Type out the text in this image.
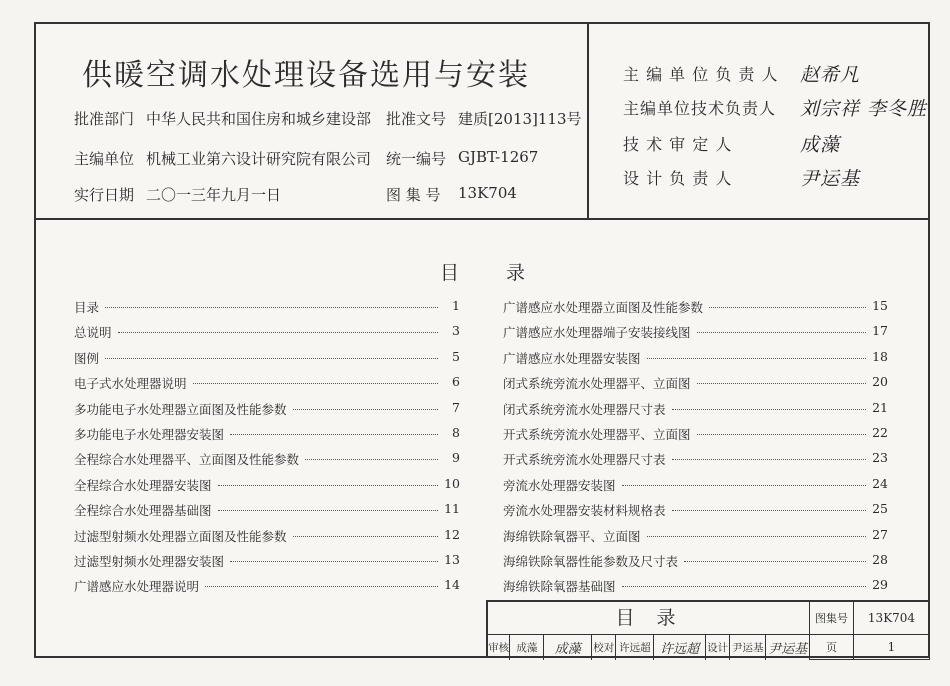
供暖空调水处理设备选用与安装
批准部门 中华人民共和国住房和城乡建设部 批准文号 建质[2013]113号
主编单位 机械工业第六设计研究院有限公司 统一编号 GJBT-1267
实行日期 二〇一三年九月一日	图 集 号	13K704
主 编 单 位 负 责 人	赵希凡
主编单位技术负责人	刘宗祥 李冬胜
技 术 审 定 人	成藻
设 计 负 责 人	尹运基
目 录
目录	1
总说明	3
图例	5
电子式水处理器说明	6
多功能电子水处理器立面图及性能参数	7
多功能电子水处理器安装图	8
全程综合水处理器平、立面图及性能参数	9
全程综合水处理器安装图	10
全程综合水处理器基础图	11
过滤型射频水处理器立面图及性能参数	12
过滤型射频水处理器安装图	13
广谱感应水处理器说明	14
广谱感应水处理器立面图及性能参数	15
广谱感应水处理器端子安装接线图	17
广谱感应水处理器安装图	18
闭式系统旁流水处理器平、立面图	20
闭式系统旁流水处理器尺寸表	21
开式系统旁流水处理器平、立面图	22
开式系统旁流水处理器尺寸表	23
旁流水处理器安装图	24
旁流水处理器安装材料规格表	25
海绵铁除氧器平、立面图	27
海绵铁除氧器性能参数及尺寸表	28
海绵铁除氧器基础图	29
目 录	图集号	13K704
页	1
审核 成藻	成藻	校对 许远超 许远超 设计 尹运基 尹运基
